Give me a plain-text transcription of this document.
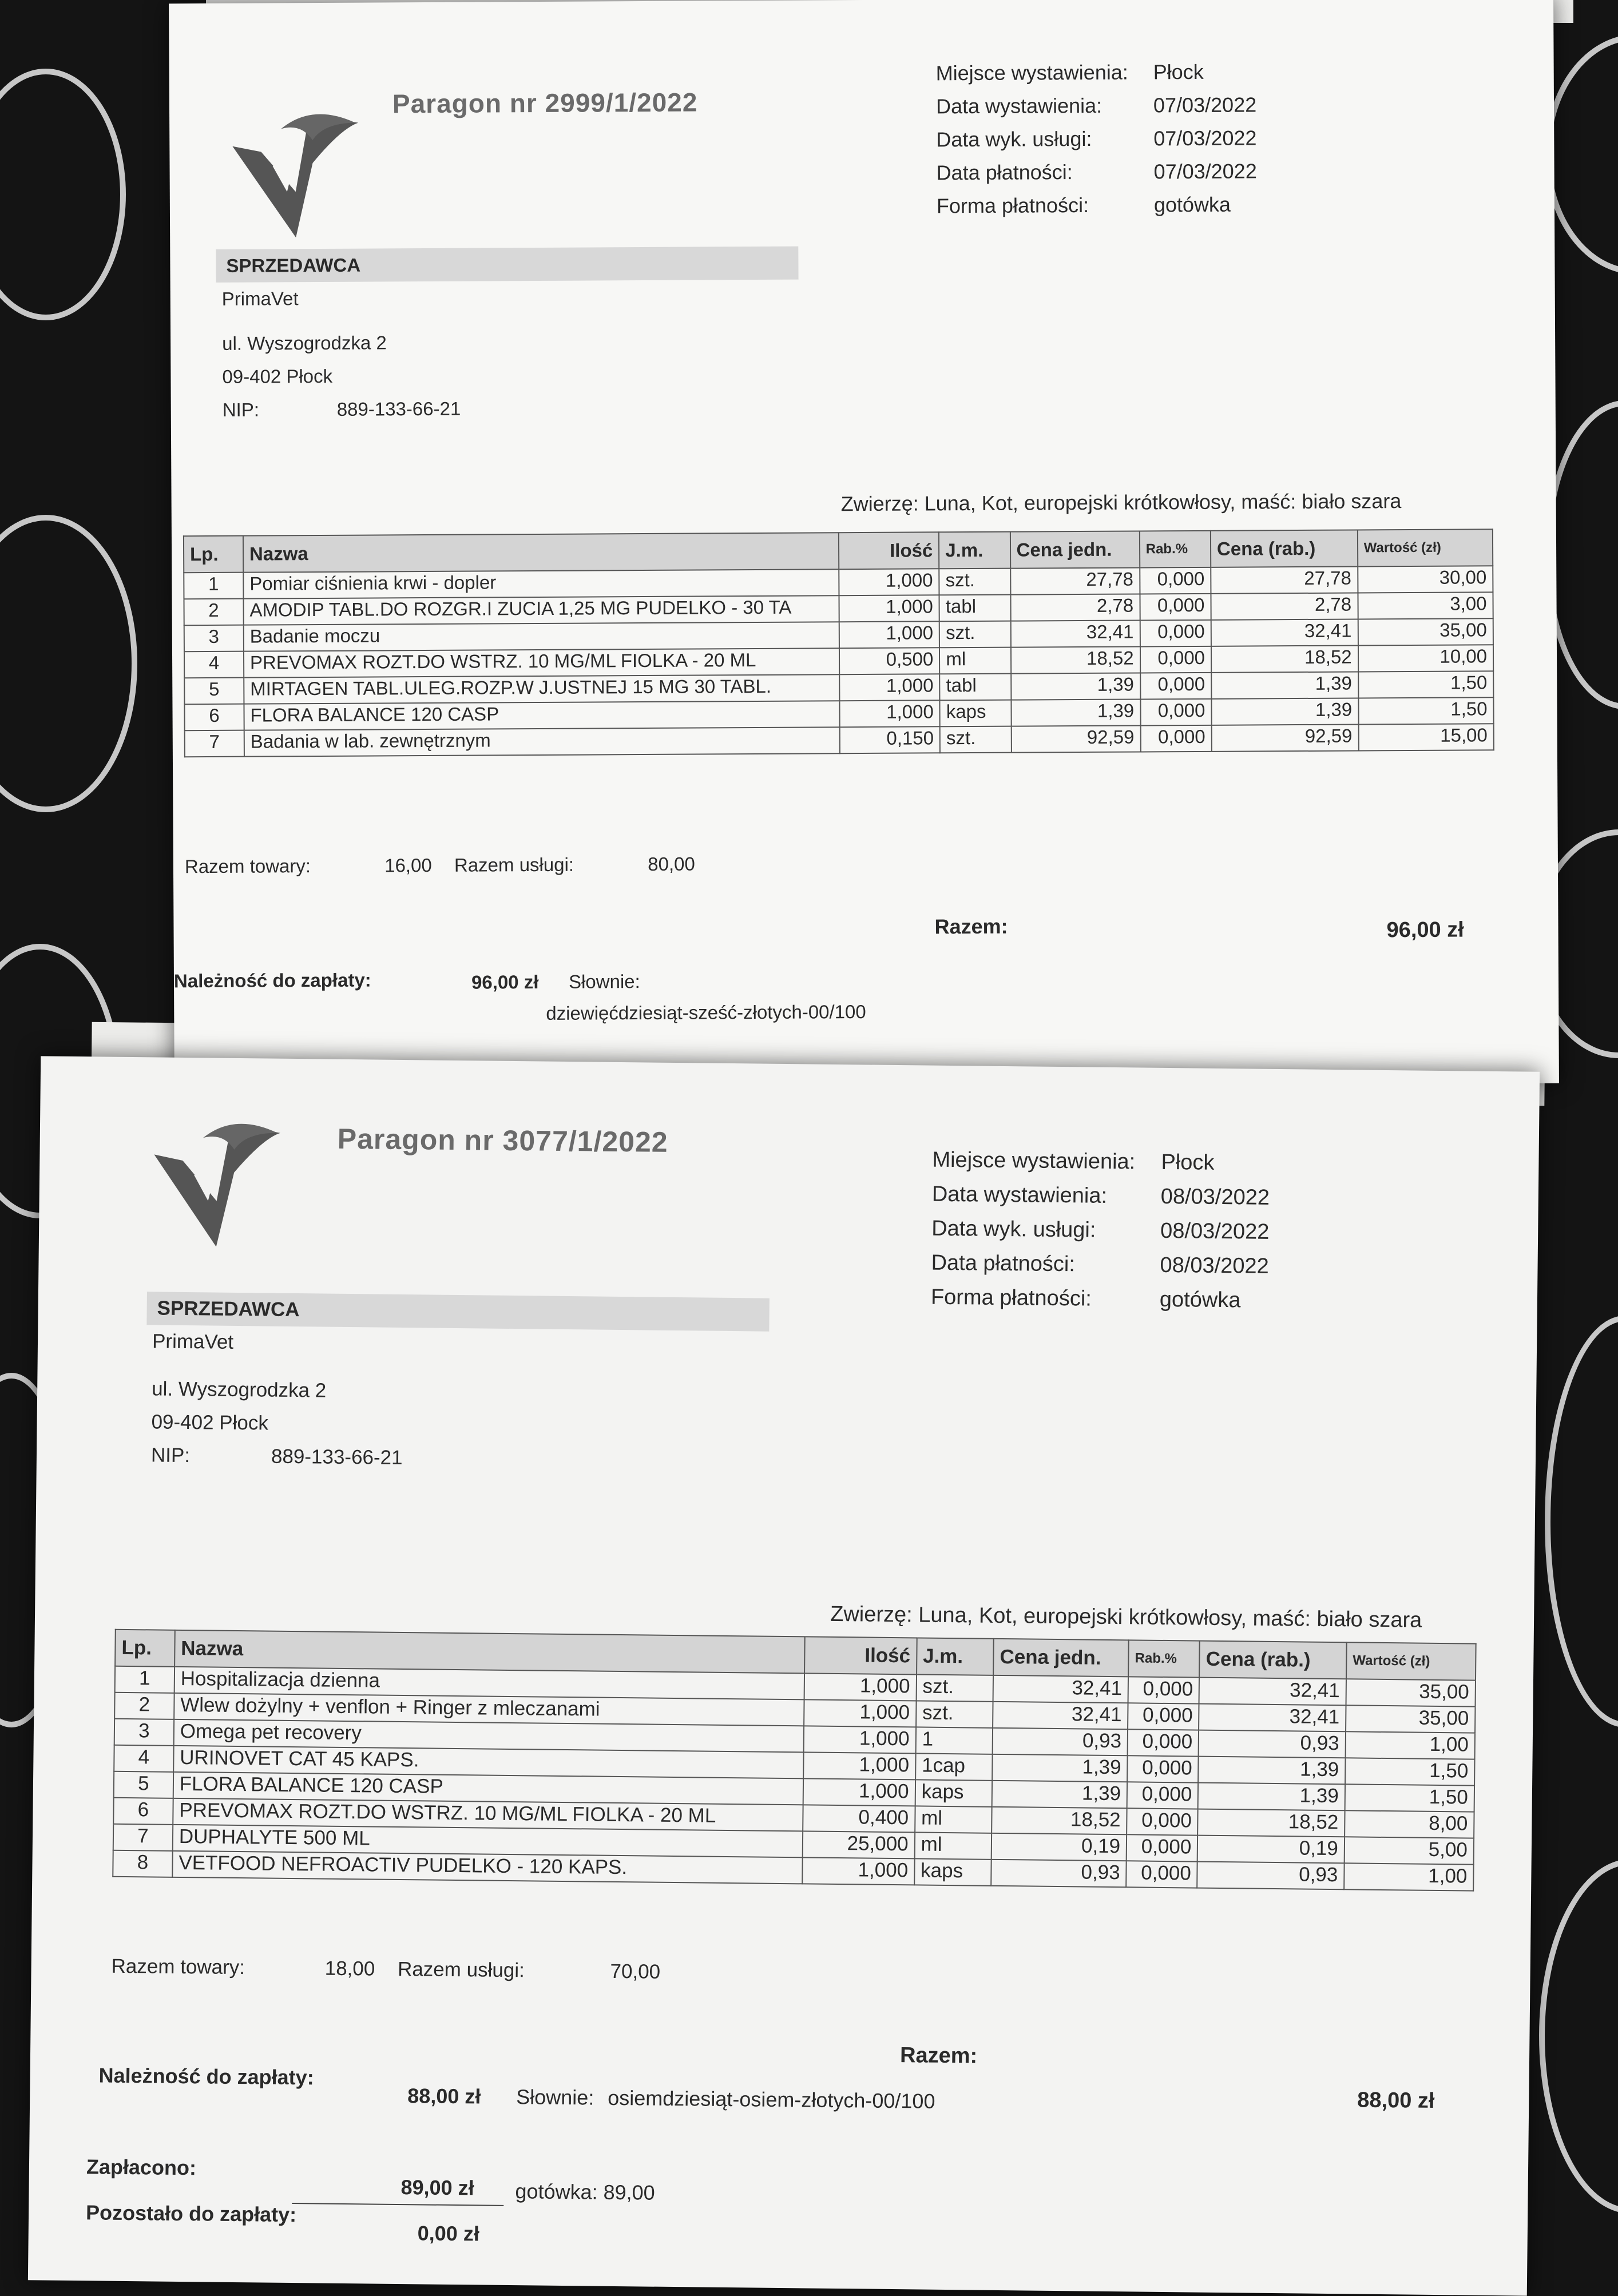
Paragon nr 2999/1/2022
Miejsce wystawienia:	Płock
Data wystawienia:	07/03/2022
Data wyk. usługi:	07/03/2022
Data płatności:	07/03/2022
Forma płatności:	gotówka
SPRZEDAWCA
PrimaVet
ul. Wyszogrodzka 2
09-402 Płock
NIP:	889-133-66-21
Zwierzę: Luna, Kot, europejski krótkowłosy, maść: biało szara
Lp.	Nazwa	Ilość	J.m.	Cena jedn.	Rab.%	Cena (rab.)	Wartość (zł)
1	Pomiar ciśnienia krwi - dopler	1,000	szt.	27,78	0,000	27,78	30,00
2	AMODIP TABL.DO ROZGR.I ZUCIA 1,25 MG PUDELKO - 30 TA	1,000	tabl	2,78	0,000	2,78	3,00
3	Badanie moczu	1,000	szt.	32,41	0,000	32,41	35,00
4	PREVOMAX ROZT.DO WSTRZ. 10 MG/ML FIOLKA - 20 ML	0,500	ml	18,52	0,000	18,52	10,00
5	MIRTAGEN TABL.ULEG.ROZP.W J.USTNEJ 15 MG 30 TABL.	1,000	tabl	1,39	0,000	1,39	1,50
6	FLORA BALANCE 120 CASP	1,000	kaps	1,39	0,000	1,39	1,50
7	Badania w lab. zewnętrznym	0,150	szt.	92,59	0,000	92,59	15,00
Razem towary:	16,00 Razem usługi:	80,00
Razem:	96,00 zł
Należność do zapłaty:	96,00 zł Słownie:
dziewięćdziesiąt-sześć-złotych-00/100
Paragon nr 3077/1/2022
Miejsce wystawienia:	Płock
Data wystawienia:	08/03/2022
Data wyk. usługi:	08/03/2022
Data płatności:	08/03/2022
Forma płatności:	gotówka
SPRZEDAWCA
PrimaVet
ul. Wyszogrodzka 2
09-402 Płock
NIP:	889-133-66-21
Zwierzę: Luna, Kot, europejski krótkowłosy, maść: biało szara
Lp.	Nazwa	Ilość	J.m.	Cena jedn.	Rab.%	Cena (rab.)	Wartość (zł)
1	Hospitalizacja dzienna	1,000	szt.	32,41	0,000	32,41	35,00
2	Wlew dożylny + venflon + Ringer z mleczanami	1,000	szt.	32,41	0,000	32,41	35,00
3	Omega pet recovery	1,000	1	0,93	0,000	0,93	1,00
4	URINOVET CAT 45 KAPS.	1,000	1cap	1,39	0,000	1,39	1,50
5	FLORA BALANCE 120 CASP	1,000	kaps	1,39	0,000	1,39	1,50
6	PREVOMAX ROZT.DO WSTRZ. 10 MG/ML FIOLKA - 20 ML	0,400	ml	18,52	0,000	18,52	8,00
7	DUPHALYTE 500 ML	25,000	ml	0,19	0,000	0,19	5,00
8	VETFOOD NEFROACTIV PUDELKO - 120 KAPS.	1,000	kaps	0,93	0,000	0,93	1,00
Razem towary:	18,00 Razem usługi:	70,00
Razem:
88,00 zł
Należność do zapłaty:
88,00 zł Słownie: osiemdziesiąt-osiem-złotych-00/100
Zapłacono:
89,00 zł gotówka: 89,00
Pozostało do zapłaty:
0,00 zł
